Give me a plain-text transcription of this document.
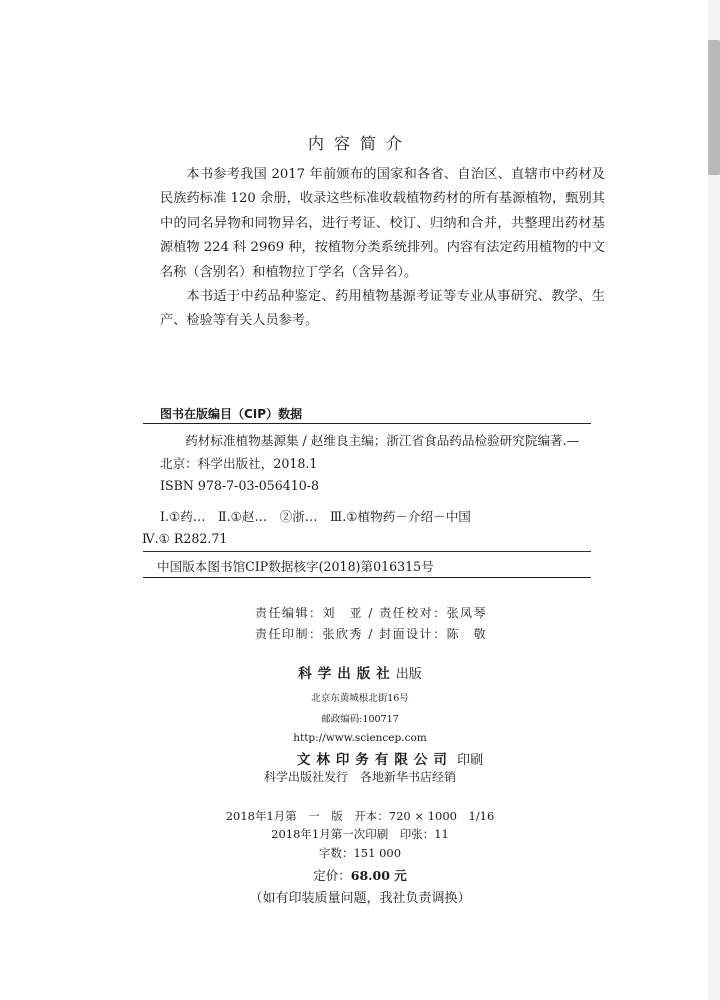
内容简介

本书参考我国 2017 年前颁布的国家和各省、自治区、直辖市中药材及民族药标准 120 余册，收录这些标准收载植物药材的所有基源植物，甄别其中的同名异物和同物异名，进行考证、校订、归纳和合并，共整理出药材基源植物 224 科 2969 种，按植物分类系统排列。内容有法定药用植物的中文名称（含别名）和植物拉丁学名（含异名）。

本书适于中药品种鉴定、药用植物基源考证等专业从事研究、教学、生产、检验等有关人员参考。

图书在版编目（CIP）数据

药材标准植物基源集 / 赵维良主编；浙江省食品药品检验研究院编著.—北京：科学出版社，2018.1

ISBN 978-7-03-056410-8
Ⅰ.①药…　Ⅱ.①赵…　②浙…　Ⅲ.①植物药－介绍－中国
Ⅳ.① R282.71
中国版本图书馆CIP数据核字(2018)第016315号
责任编辑：刘　亚 / 责任校对：张凤琴
责任印制：张欣秀 / 封面设计：陈　敬
科学出版社出版
北京东黄城根北街16号
邮政编码:100717
http://www.sciencep.com
文林印务有限公司 印刷
科学出版社发行　各地新华书店经销
2018年1月第　一　版　开本：720 × 1000　1/16
2018年1月第一次印刷　印张：11
字数：151 000
定价：68.00 元
（如有印装质量问题，我社负责调换）
